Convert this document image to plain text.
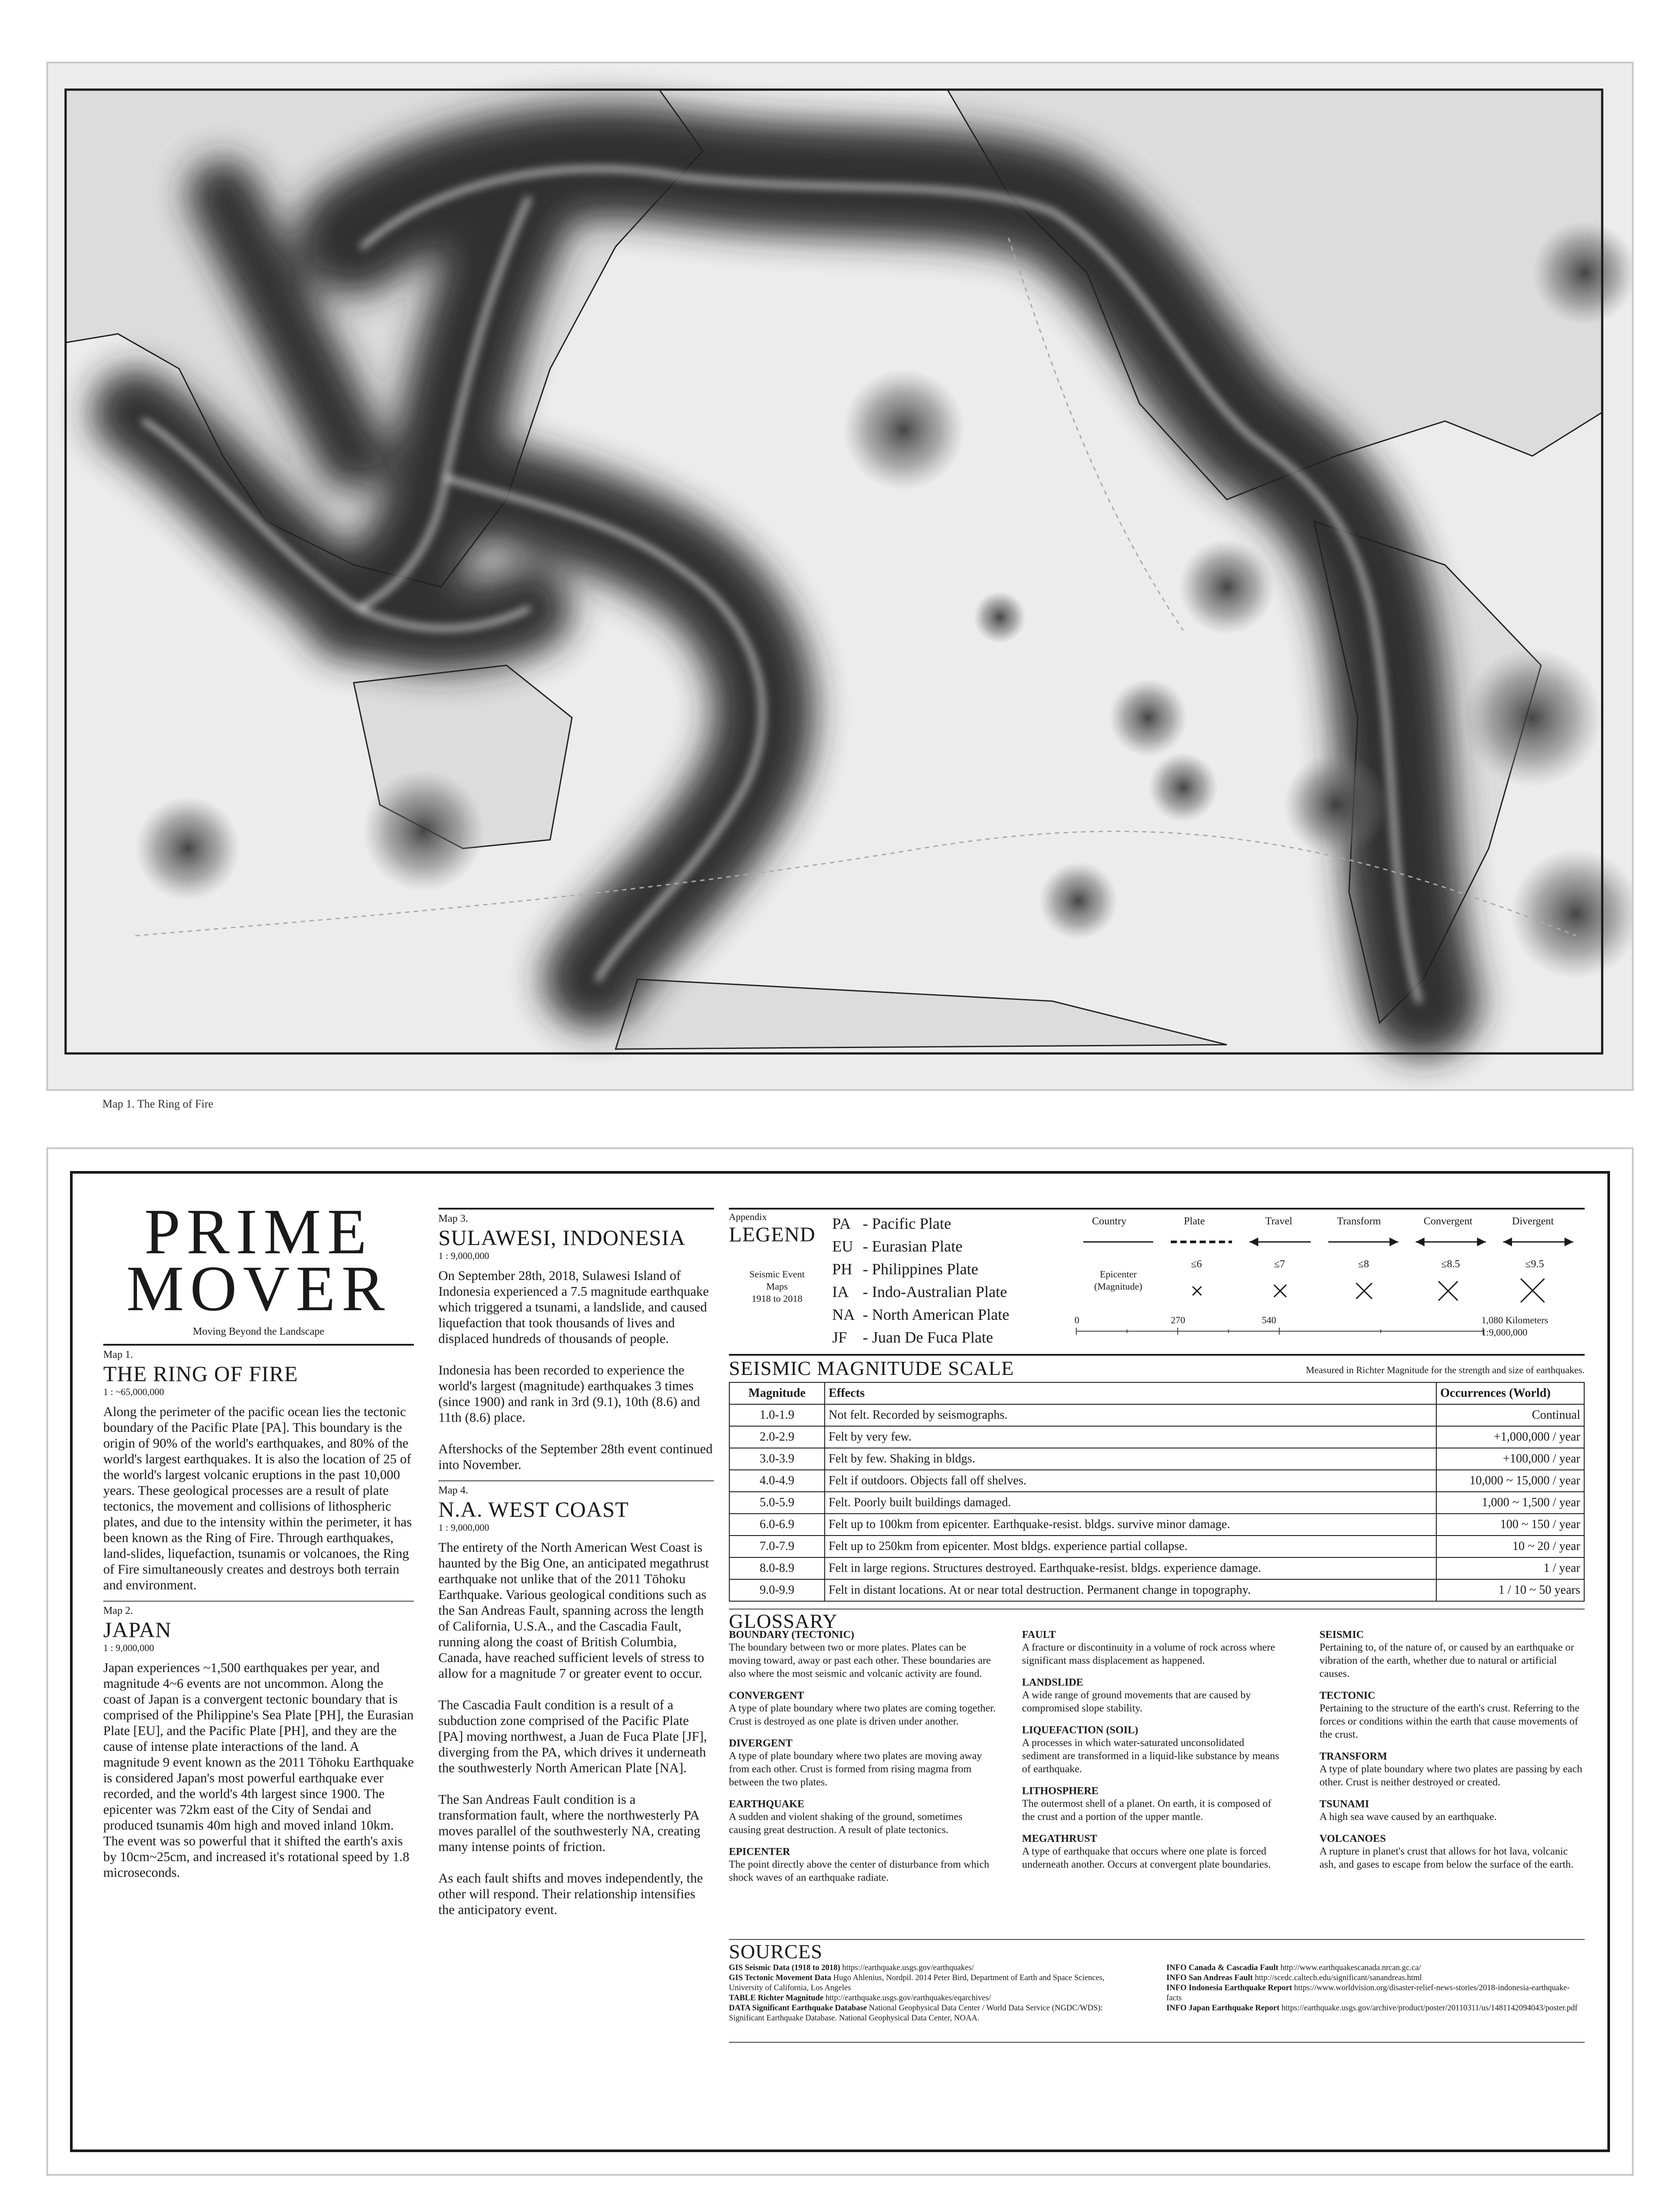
Map 1. The Ring of Fire
PRIME
MOVER
Moving Beyond the Landscape
Map 1.
THE RING OF FIRE
1 : ~65,000,000
Along the perimeter of the pacific ocean lies the tectonic boundary of the Pacific Plate [PA]. This boundary is the origin of 90% of the world's earthquakes, and 80% of the world's largest earthquakes. It is also the location of 25 of the world's largest volcanic eruptions in the past 10,000 years. These geological processes are a result of plate tectonics, the movement and collisions of lithospheric plates, and due to the intensity within the perimeter, it has been known as the Ring of Fire. Through earthquakes, land-slides, liquefaction, tsunamis or volcanoes, the Ring of Fire simultaneously creates and destroys both terrain and environment.
Map 2.
JAPAN
1 : 9,000,000
Japan experiences ~1,500 earthquakes per year, and magnitude 4~6 events are not uncommon. Along the coast of Japan is a convergent tectonic boundary that is comprised of the Philippine's Sea Plate [PH], the Eurasian Plate [EU], and the Pacific Plate [PH], and they are the cause of intense plate interactions of the land. A magnitude 9 event known as the 2011 Tōhoku Earthquake is considered Japan's most powerful earthquake ever recorded, and the world's 4th largest since 1900. The epicenter was 72km east of the City of Sendai and produced tsunamis 40m high and moved inland 10km. The event was so powerful that it shifted the earth's axis by 10cm~25cm, and increased it's rotational speed by 1.8 microseconds.
Map 3.
SULAWESI, INDONESIA
1 : 9,000,000
On September 28th, 2018, Sulawesi Island of Indonesia experienced a 7.5 magnitude earthquake which triggered a tsunami, a landslide, and caused liquefaction that took thousands of lives and displaced hundreds of thousands of people.

Indonesia has been recorded to experience the world's largest (magnitude) earthquakes 3 times (since 1900) and rank in 3rd (9.1), 10th (8.6) and 11th (8.6) place.

Aftershocks of the September 28th event continued into November.
Map 4.
N.A. WEST COAST
1 : 9,000,000
The entirety of the North American West Coast is haunted by the Big One, an anticipated megathrust earthquake not unlike that of the 2011 Tōhoku Earthquake. Various geological conditions such as the San Andreas Fault, spanning across the length of California, U.S.A., and the Cascadia Fault, running along the coast of British Columbia, Canada, have reached sufficient levels of stress to allow for a magnitude 7 or greater event to occur.

The Cascadia Fault condition is a result of a subduction zone comprised of the Pacific Plate [PA] moving northwest, a Juan de Fuca Plate [JF], diverging from the PA, which drives it underneath the southwesterly North American Plate [NA].

The San Andreas Fault condition is a transformation fault, where the northwesterly PA moves parallel of the southwesterly NA, creating many intense points of friction.

As each fault shifts and moves independently, the other will respond. Their relationship intensifies the anticipatory event.
Appendix
LEGEND
Seismic Event
Maps
1918 to 2018
PA - Pacific Plate
EU - Eurasian Plate
PH - Philippines Plate
IA - Indo-Australian Plate
NA - North American Plate
JF - Juan De Fuca Plate
Country	Plate	Travel	Transform	Convergent	Divergent
Epicenter
(Magnitude)
≤6	≤7	≤8	≤8.5	≤9.5
0	270	540	1,080 Kilometers
1:9,000,000
SEISMIC MAGNITUDE SCALE	Measured in Richter Magnitude for the strength and size of earthquakes.
Magnitude	Effects	Occurrences (World)
1.0-1.9	Not felt. Recorded by seismographs.	Continual
2.0-2.9	Felt by very few.	+1,000,000 / year
3.0-3.9	Felt by few. Shaking in bldgs.	+100,000 / year
4.0-4.9	Felt if outdoors. Objects fall off shelves.	10,000 ~ 15,000 / year
5.0-5.9	Felt. Poorly built buildings damaged.	1,000 ~ 1,500 / year
6.0-6.9	Felt up to 100km from epicenter. Earthquake-resist. bldgs. survive minor damage.	100 ~ 150 / year
7.0-7.9	Felt up to 250km from epicenter. Most bldgs. experience partial collapse.	10 ~ 20 / year
8.0-8.9	Felt in large regions. Structures destroyed. Earthquake-resist. bldgs. experience damage.	1 / year
9.0-9.9	Felt in distant locations. At or near total destruction. Permanent change in topography.	1 / 10 ~ 50 years
GLOSSARY
BOUNDARY (TECTONIC)
The boundary between two or more plates. Plates can be moving toward, away or past each other. These boundaries are also where the most seismic and volcanic activity are found.
CONVERGENT
A type of plate boundary where two plates are coming together. Crust is destroyed as one plate is driven under another.
DIVERGENT
A type of plate boundary where two plates are moving away from each other. Crust is formed from rising magma from between the two plates.
EARTHQUAKE
A sudden and violent shaking of the ground, sometimes causing great destruction. A result of plate tectonics.
EPICENTER
The point directly above the center of disturbance from which shock waves of an earthquake radiate.
FAULT
A fracture or discontinuity in a volume of rock across where significant mass displacement as happened.
LANDSLIDE
A wide range of ground movements that are caused by compromised slope stability.
LIQUEFACTION (SOIL)
A processes in which water-saturated unconsolidated sediment are transformed in a liquid-like substance by means of earthquake.
LITHOSPHERE
The outermost shell of a planet. On earth, it is composed of the crust and a portion of the upper mantle.
MEGATHRUST
A type of earthquake that occurs where one plate is forced underneath another. Occurs at convergent plate boundaries.
SEISMIC
Pertaining to, of the nature of, or caused by an earthquake or vibration of the earth, whether due to natural or artificial causes.
TECTONIC
Pertaining to the structure of the earth's crust. Referring to the forces or conditions within the earth that cause movements of the crust.
TRANSFORM
A type of plate boundary where two plates are passing by each other. Crust is neither destroyed or created.
TSUNAMI
A high sea wave caused by an earthquake.
VOLCANOES
A rupture in planet's crust that allows for hot lava, volcanic ash, and gases to escape from below the surface of the earth.
SOURCES
GIS Seismic Data (1918 to 2018) https://earthquake.usgs.gov/earthquakes/
GIS Tectonic Movement Data Hugo Ahlenius, Nordpil. 2014 Peter Bird, Department of Earth and Space Sciences, University of California, Los Angeles
TABLE Richter Magnitude http://earthquake.usgs.gov/earthquakes/eqarchives/
DATA Significant Earthquake Database National Geophysical Data Center / World Data Service (NGDC/WDS): Significant Earthquake Database. National Geophysical Data Center, NOAA.
INFO Canada & Cascadia Fault http://www.earthquakescanada.nrcan.gc.ca/
INFO San Andreas Fault http://scedc.caltech.edu/significant/sanandreas.html
INFO Indonesia Earthquake Report https://www.worldvision.org/disaster-relief-news-stories/2018-indonesia-earthquake-facts
INFO Japan Earthquake Report https://earthquake.usgs.gov/archive/product/poster/20110311/us/1481142094043/poster.pdf
